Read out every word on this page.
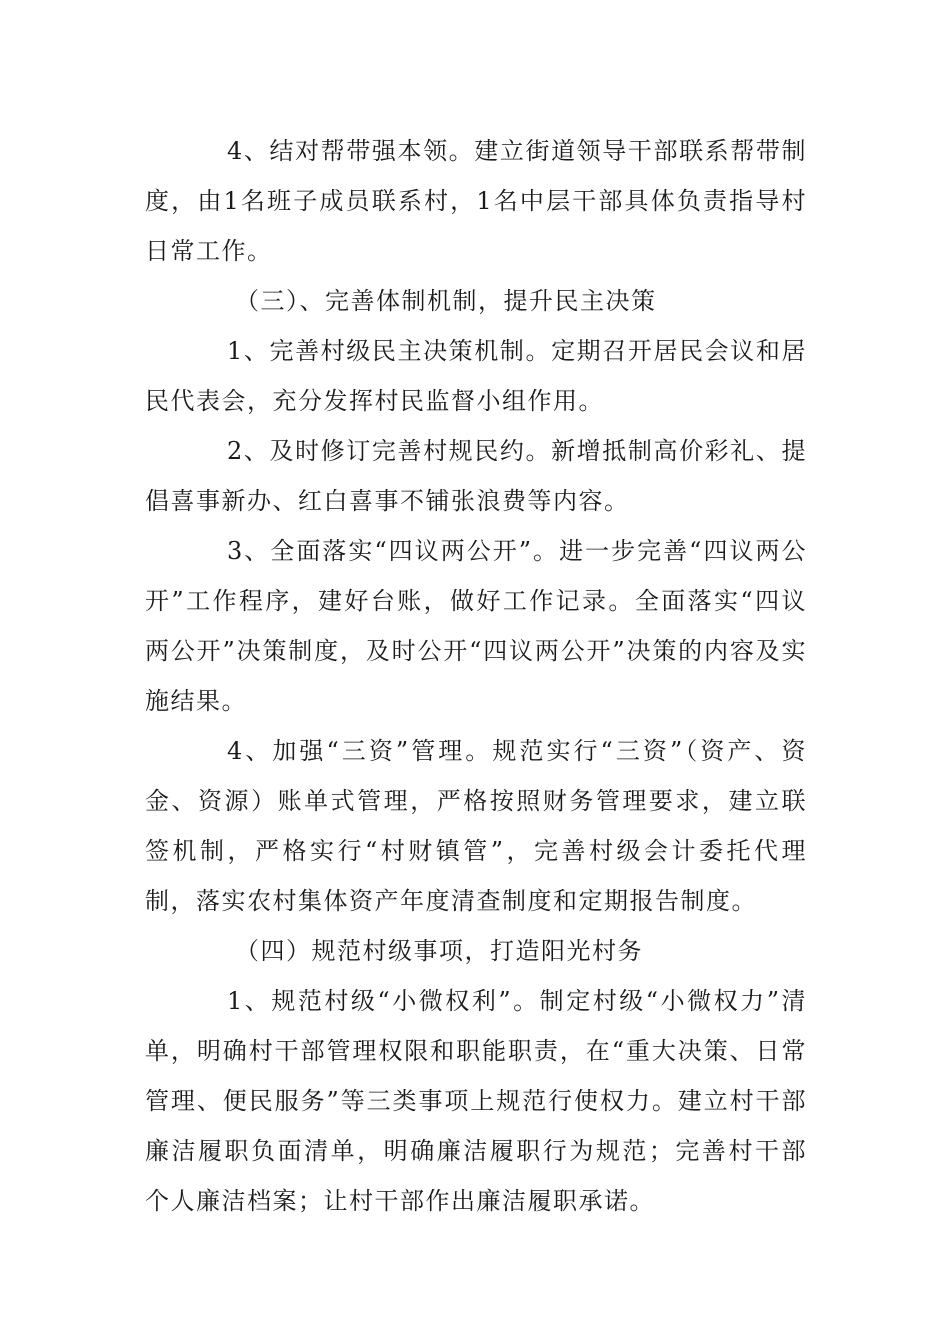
4、结对帮带强本领。建立街道领导干部联系帮带制度，由1名班子成员联系村，1名中层干部具体负责指导村日常工作。

（三）、完善体制机制，提升民主决策

1、完善村级民主决策机制。定期召开居民会议和居民代表会，充分发挥村民监督小组作用。

2、及时修订完善村规民约。新增抵制高价彩礼、提倡喜事新办、红白喜事不铺张浪费等内容。

3、全面落实“四议两公开”。进一步完善“四议两公开”工作程序，建好台账，做好工作记录。全面落实“四议两公开”决策制度，及时公开“四议两公开”决策的内容及实施结果。

4、加强“三资”管理。规范实行“三资”（资产、资金、资源）账单式管理，严格按照财务管理要求，建立联签机制，严格实行“村财镇管”，完善村级会计委托代理制，落实农村集体资产年度清查制度和定期报告制度。

（四）规范村级事项，打造阳光村务

1、规范村级“小微权利”。制定村级“小微权力”清单，明确村干部管理权限和职能职责，在“重大决策、日常管理、便民服务”等三类事项上规范行使权力。建立村干部廉洁履职负面清单，明确廉洁履职行为规范；完善村干部个人廉洁档案；让村干部作出廉洁履职承诺。
